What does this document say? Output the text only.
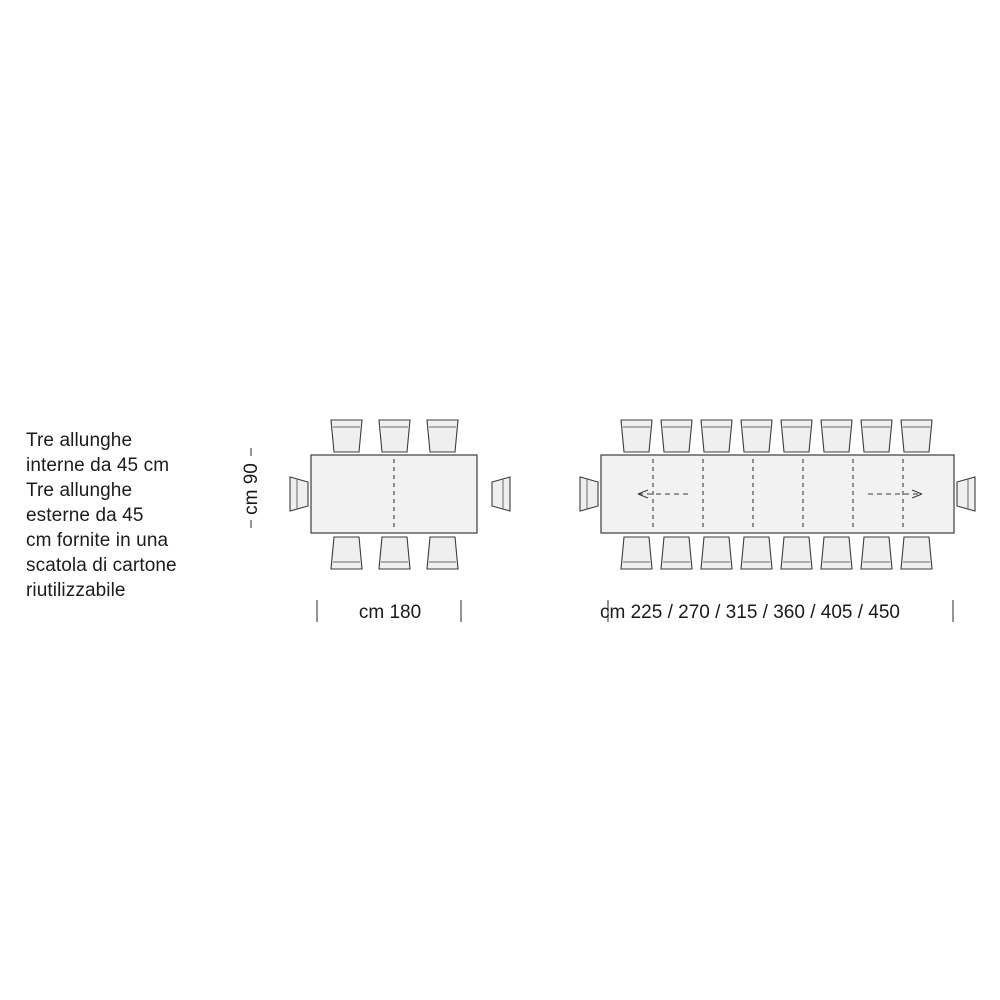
Tre allunghe
interne da 45 cm
Tre allunghe
esterne da 45
cm fornite in una
scatola di cartone
riutilizzabile
cm 90
cm 180	cm 225 / 270 / 315 / 360 / 405 / 450
